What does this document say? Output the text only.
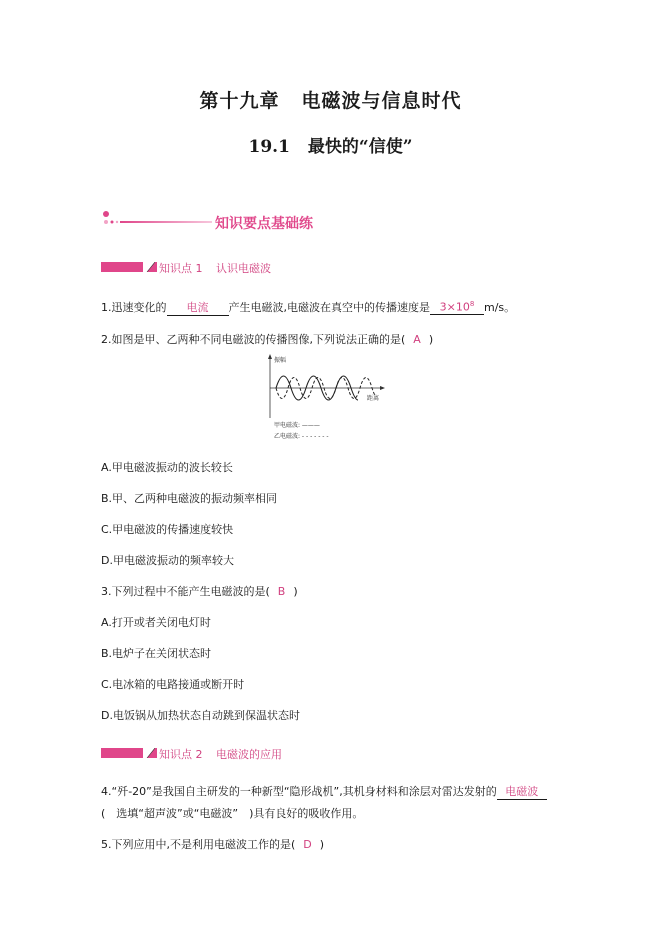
第十九章 电磁波与信息时代
19.1 最快的“信使”
知识要点基础练
知识点 1 认识电磁波
1.迅速变化的 电流 产生电磁波,电磁波在真空中的传播速度是 $3\times 10^8$ m/s。
2.如图是甲、乙两种不同电磁波的传播图像,下列说法正确的是( A )
振幅
距离
甲电磁波: ———
乙电磁波: - - - - - - -
A.甲电磁波振动的波长较长
B.甲、乙两种电磁波的振动频率相同
C.甲电磁波的传播速度较快
D.甲电磁波振动的频率较大
3.下列过程中不能产生电磁波的是( B )
A.打开或者关闭电灯时
B.电炉子在关闭状态时
C.电冰箱的电路接通或断开时
D.电饭锅从加热状态自动跳到保温状态时
知识点 2 电磁波的应用
4.“歼-20”是我国自主研发的一种新型“隐形战机”,其机身材料和涂层对雷达发射的 电磁波
(　选填“超声波”或“电磁波”　)具有良好的吸收作用。
5.下列应用中,不是利用电磁波工作的是( D )
